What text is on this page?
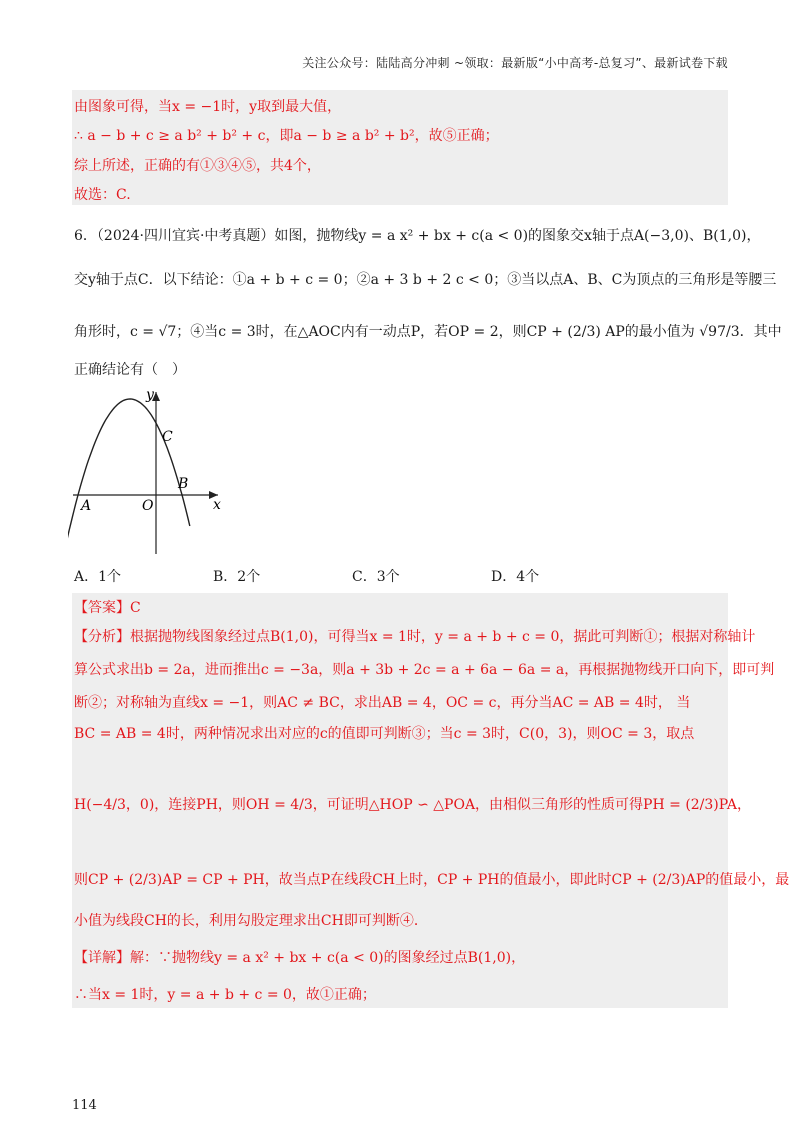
关注公众号：陆陆高分冲刺 ~领取：最新版“小中高考-总复习”、最新试卷下载
由图象可得，当x = −1时，y取到最大值，
∴ a − b + c ≥ a b² + b² + c，即a − b ≥ a b² + b²，故⑤正确；
综上所述，正确的有①③④⑤，共4个，
故选：C.
6．（2024·四川宜宾·中考真题）如图，抛物线y = a x² + bx + c(a < 0)的图象交x轴于点A(−3,0)、B(1,0)，
交y轴于点C．以下结论：①a + b + c = 0；②a + 3 b + 2 c < 0；③当以点A、B、C为顶点的三角形是等腰三
角形时，c = √7；④当c = 3时，在△AOC内有一动点P，若OP = 2，则CP + (2/3) AP的最小值为 √97/3．其中
正确结论有（　）
y
x
C
B
A	O
A．1个	B．2个	C．3个	D．4个
【答案】C
【分析】根据抛物线图象经过点B(1,0)，可得当x = 1时，y = a + b + c = 0，据此可判断①；根据对称轴计
算公式求出b = 2a，进而推出c = −3a，则a + 3b + 2c = a + 6a − 6a = a，再根据抛物线开口向下，即可判
断②；对称轴为直线x = −1，则AC ≠ BC，求出AB = 4，OC = c，再分当AC = AB = 4时， 当
BC = AB = 4时，两种情况求出对应的c的值即可判断③；当c = 3时，C(0，3)，则OC = 3，取点
H(−4/3，0)，连接PH，则OH = 4/3，可证明△HOP ∽ △POA，由相似三角形的性质可得PH = (2/3)PA，
则CP + (2/3)AP = CP + PH，故当点P在线段CH上时，CP + PH的值最小，即此时CP + (2/3)AP的值最小，最
小值为线段CH的长，利用勾股定理求出CH即可判断④．
【详解】解：∵抛物线y = a x² + bx + c(a < 0)的图象经过点B(1,0)，
∴当x = 1时，y = a + b + c = 0，故①正确；
114
